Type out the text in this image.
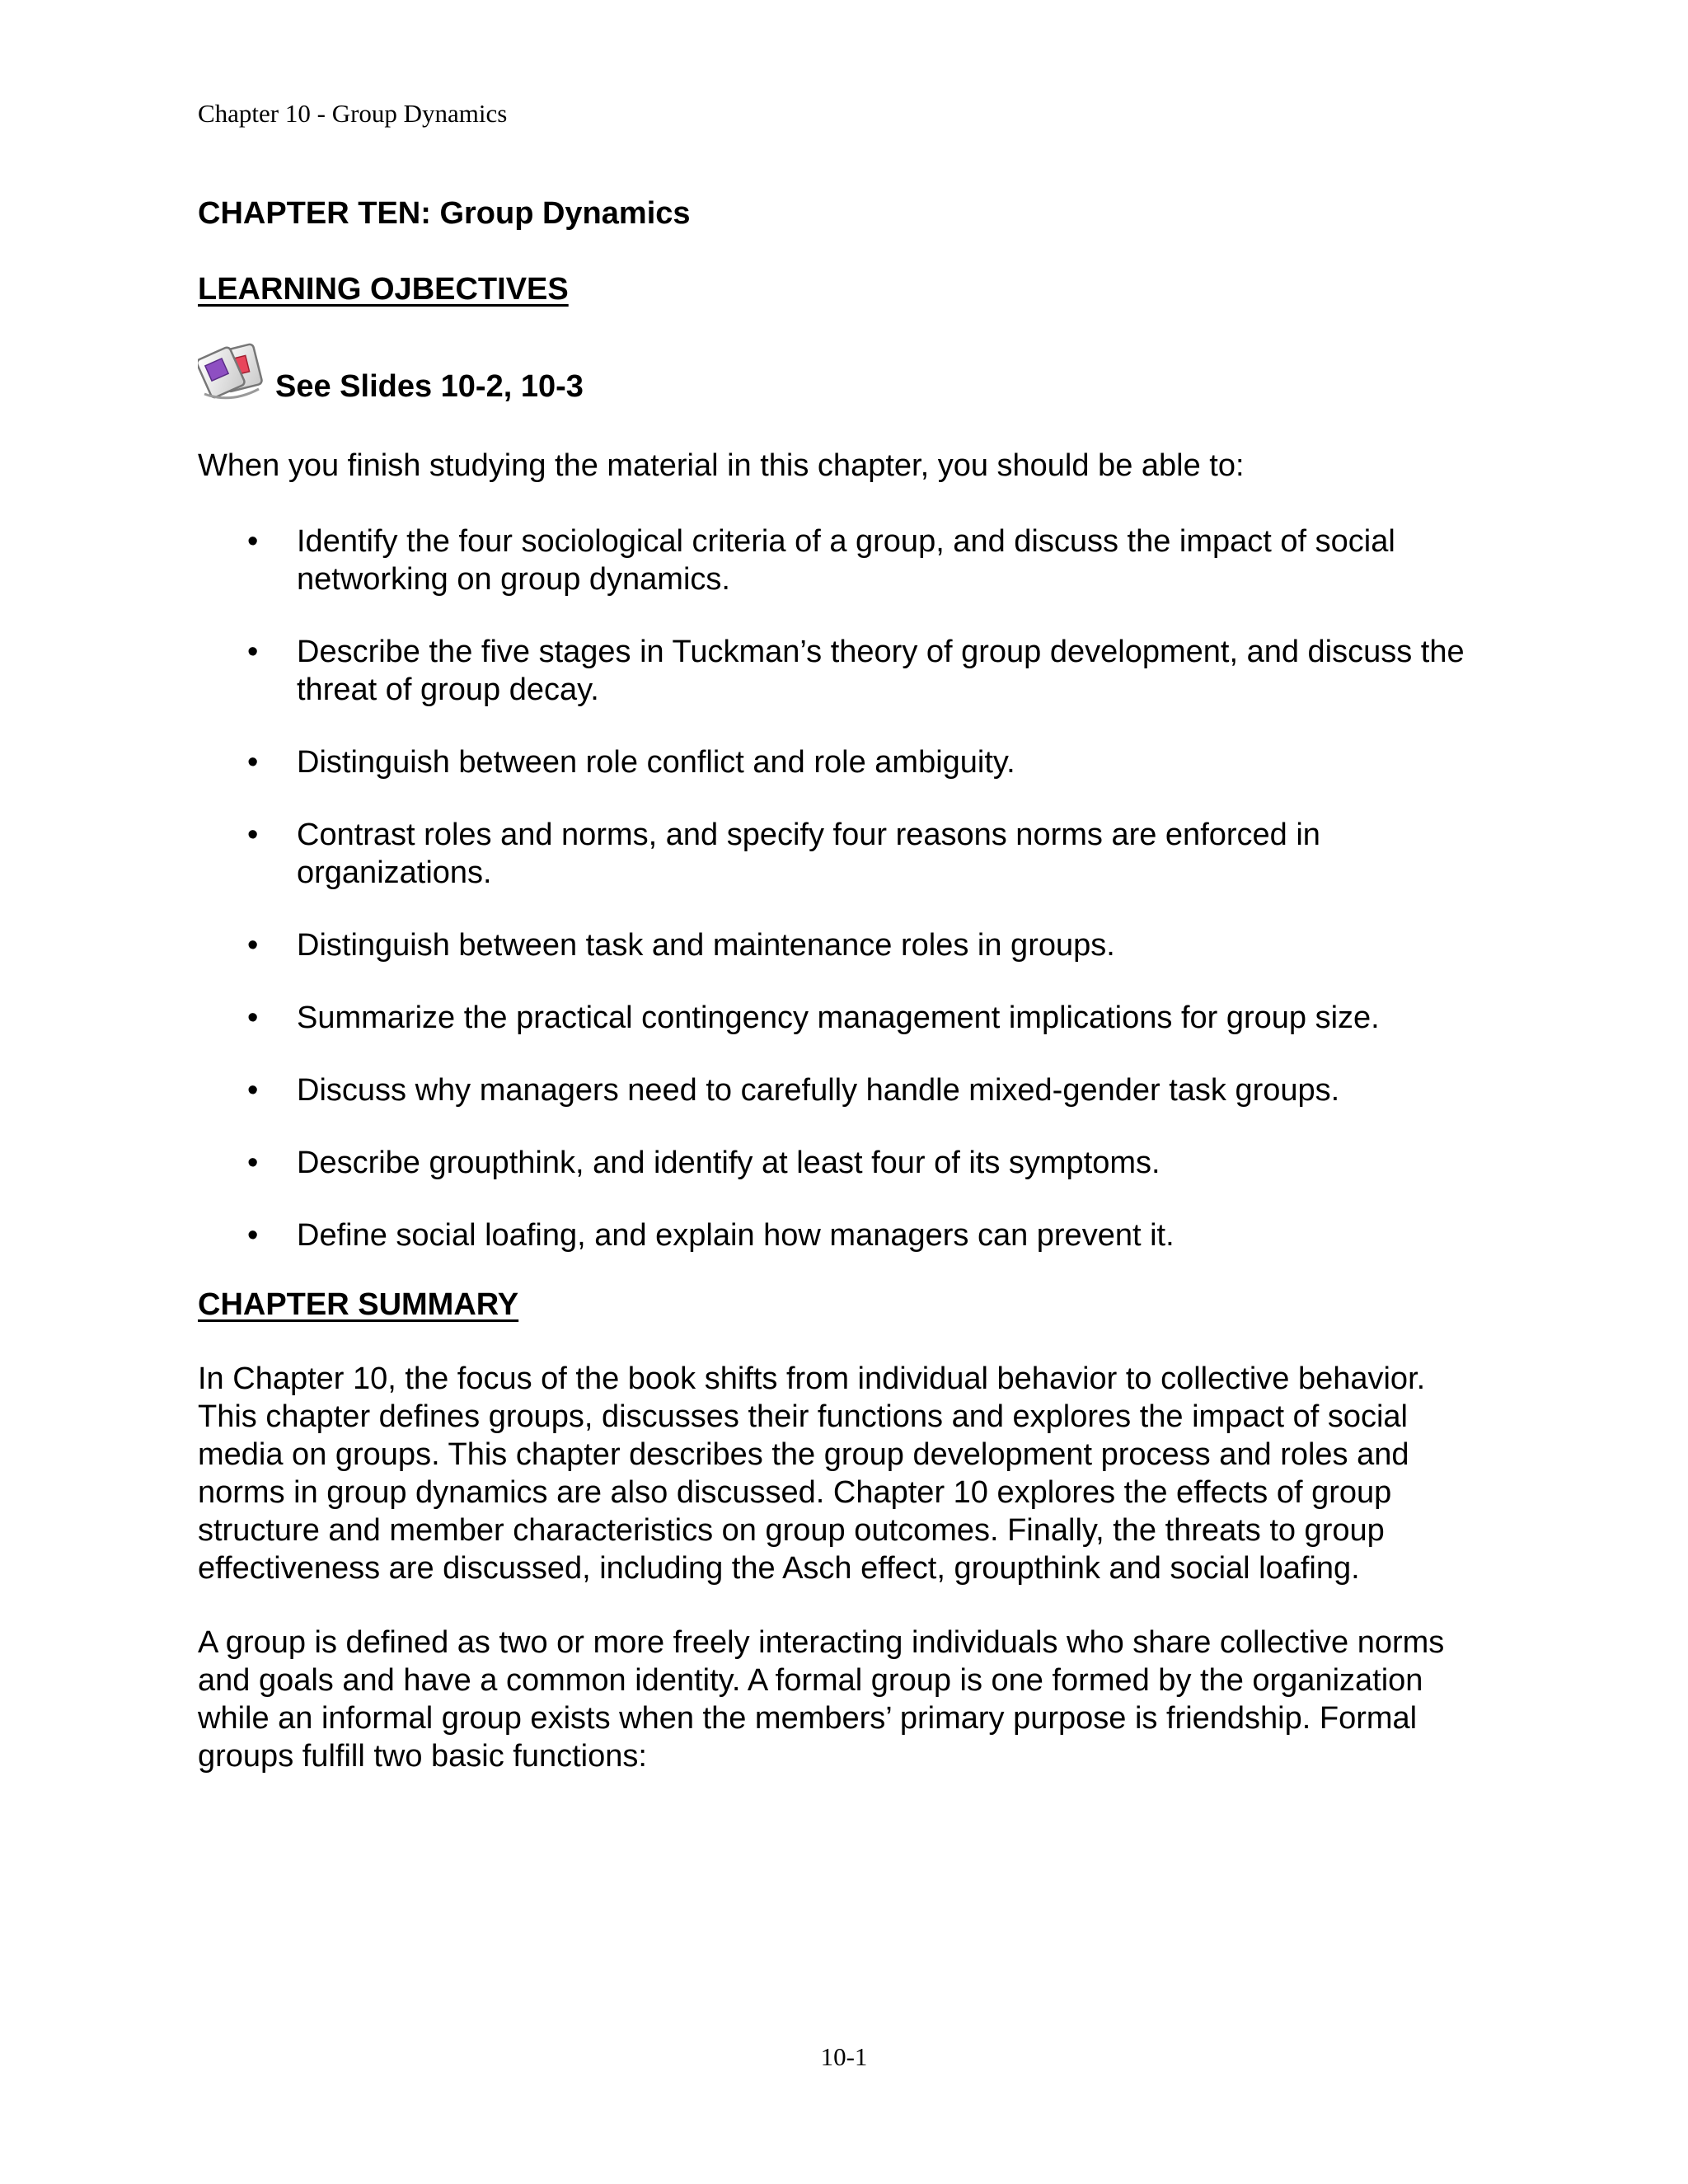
Chapter 10 - Group Dynamics
CHAPTER TEN: Group Dynamics
LEARNING OJBECTIVES
See Slides 10-2, 10-3

When you finish studying the material in this chapter, you should be able to:

• Identify the four sociological criteria of a group, and discuss the impact of social networking on group dynamics.
• Describe the five stages in Tuckman’s theory of group development, and discuss the threat of group decay.
• Distinguish between role conflict and role ambiguity.
• Contrast roles and norms, and specify four reasons norms are enforced in organizations.
• Distinguish between task and maintenance roles in groups.
• Summarize the practical contingency management implications for group size.
• Discuss why managers need to carefully handle mixed-gender task groups.
• Describe groupthink, and identify at least four of its symptoms.
• Define social loafing, and explain how managers can prevent it.
CHAPTER SUMMARY

In Chapter 10, the focus of the book shifts from individual behavior to collective behavior. This chapter defines groups, discusses their functions and explores the impact of social media on groups. This chapter describes the group development process and roles and norms in group dynamics are also discussed. Chapter 10 explores the effects of group structure and member characteristics on group outcomes. Finally, the threats to group effectiveness are discussed, including the Asch effect, groupthink and social loafing.

A group is defined as two or more freely interacting individuals who share collective norms and goals and have a common identity. A formal group is one formed by the organization while an informal group exists when the members’ primary purpose is friendship. Formal groups fulfill two basic functions:

10-1
